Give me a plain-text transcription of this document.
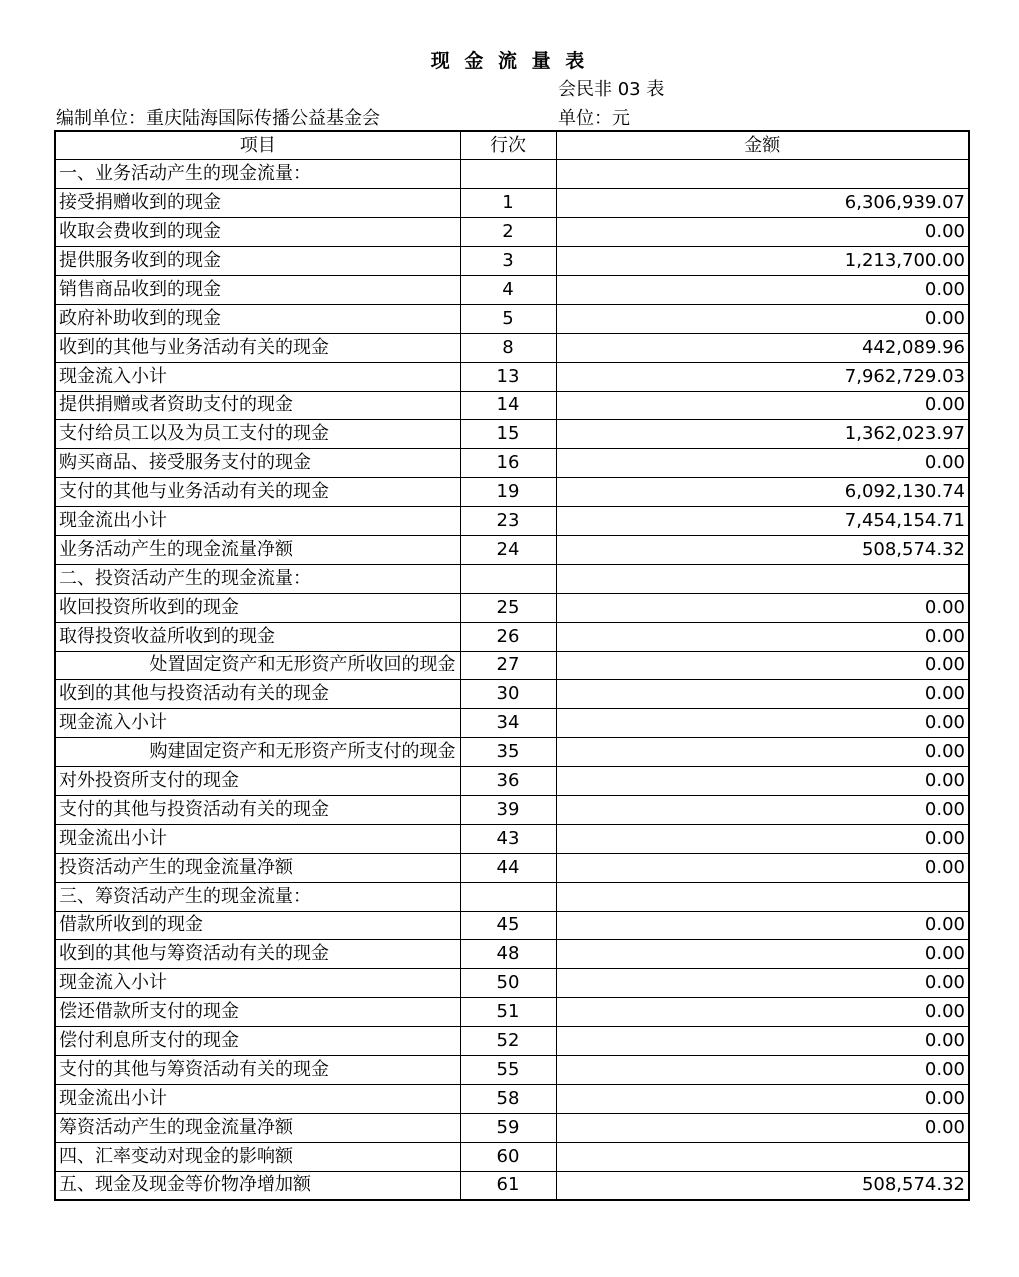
现 金 流 量 表
会民非 03 表
编制单位：重庆陆海国际传播公益基金会	单位：元
项目	行次	金额
一、业务活动产生的现金流量：		
接受捐赠收到的现金	1	6,306,939.07
收取会费收到的现金	2	0.00
提供服务收到的现金	3	1,213,700.00
销售商品收到的现金	4	0.00
政府补助收到的现金	5	0.00
收到的其他与业务活动有关的现金	8	442,089.96
现金流入小计	13	7,962,729.03
提供捐赠或者资助支付的现金	14	0.00
支付给员工以及为员工支付的现金	15	1,362,023.97
购买商品、接受服务支付的现金	16	0.00
支付的其他与业务活动有关的现金	19	6,092,130.74
现金流出小计	23	7,454,154.71
业务活动产生的现金流量净额	24	508,574.32
二、投资活动产生的现金流量：		
收回投资所收到的现金	25	0.00
取得投资收益所收到的现金	26	0.00
处置固定资产和无形资产所收回的现金	27	0.00
收到的其他与投资活动有关的现金	30	0.00
现金流入小计	34	0.00
购建固定资产和无形资产所支付的现金	35	0.00
对外投资所支付的现金	36	0.00
支付的其他与投资活动有关的现金	39	0.00
现金流出小计	43	0.00
投资活动产生的现金流量净额	44	0.00
三、筹资活动产生的现金流量：		
借款所收到的现金	45	0.00
收到的其他与筹资活动有关的现金	48	0.00
现金流入小计	50	0.00
偿还借款所支付的现金	51	0.00
偿付利息所支付的现金	52	0.00
支付的其他与筹资活动有关的现金	55	0.00
现金流出小计	58	0.00
筹资活动产生的现金流量净额	59	0.00
四、汇率变动对现金的影响额	60	
五、现金及现金等价物净增加额	61	508,574.32
